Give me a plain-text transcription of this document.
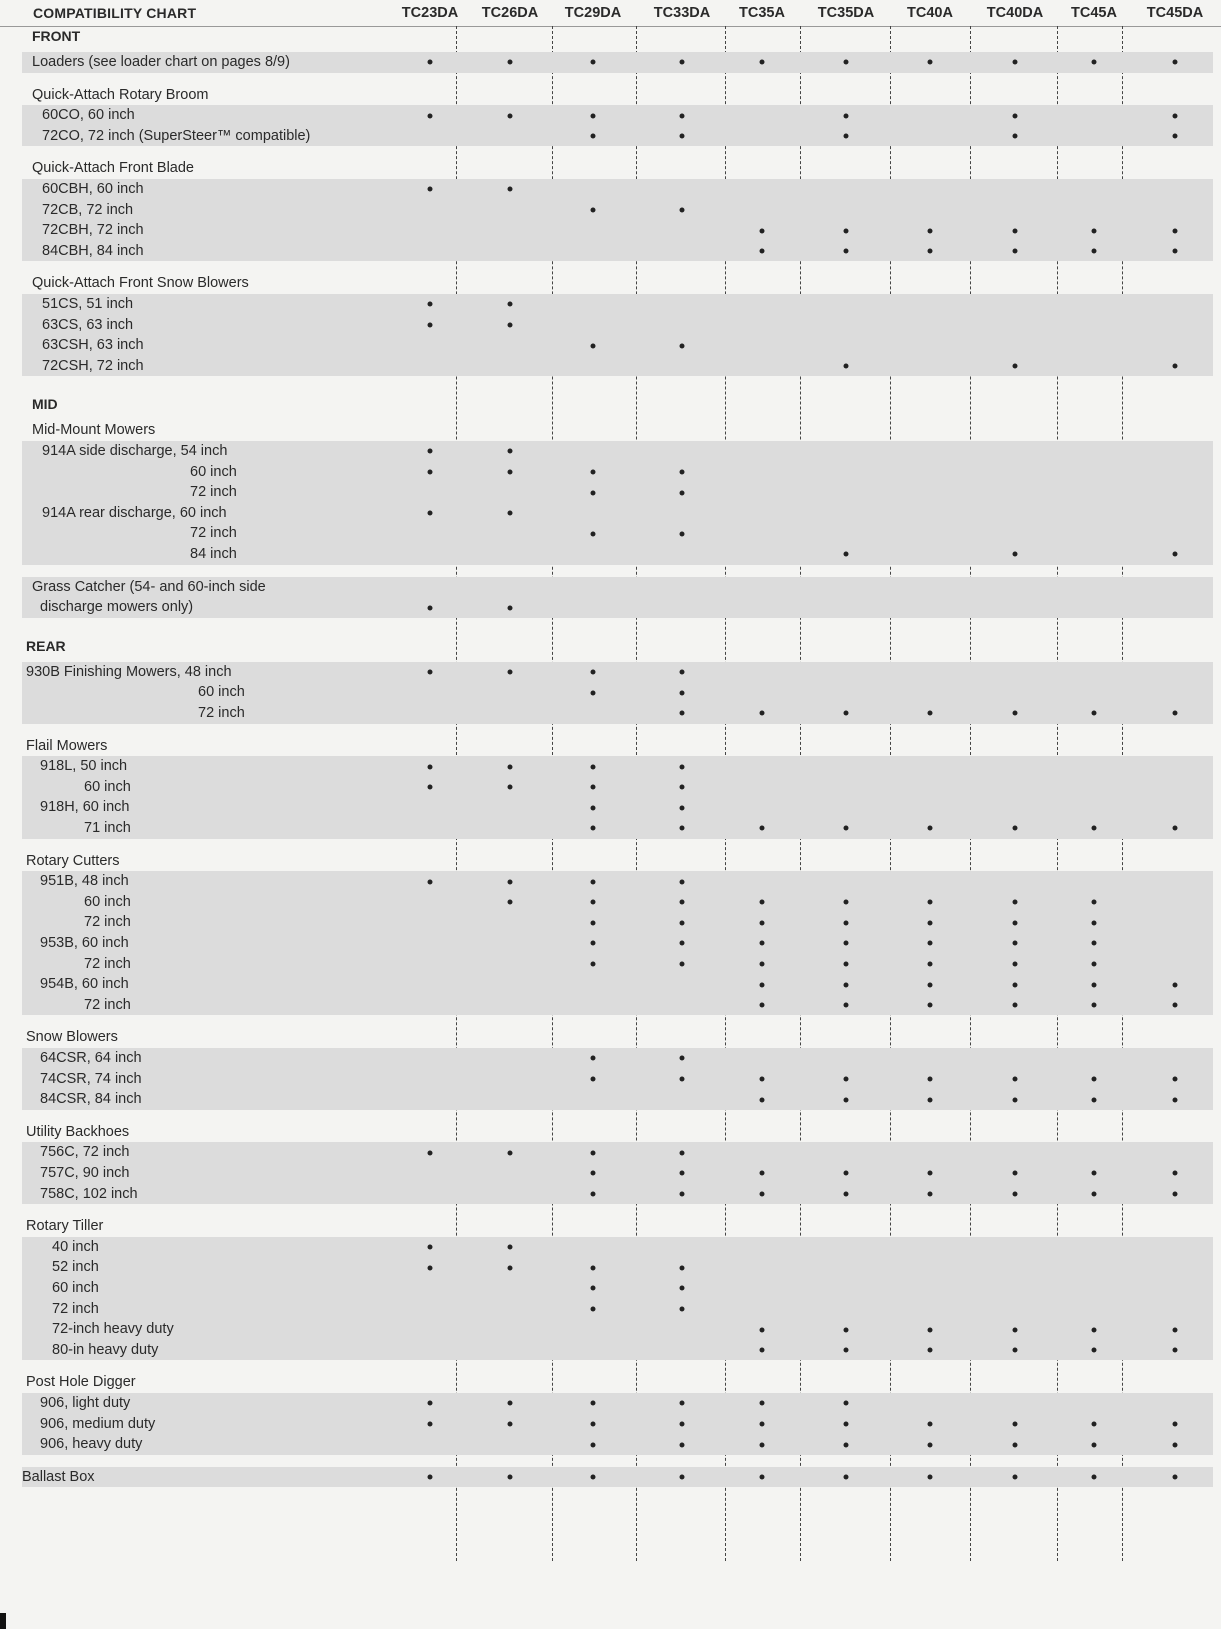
COMPATIBILITY CHART	TC23DA TC26DA TC29DA TC33DA TC35A TC35DA TC40A TC40DA TC45A TC45DA
FRONT
Loaders (see loader chart on pages 8/9)
Quick-Attach Rotary Broom
60CO, 60 inch
72CO, 72 inch (SuperSteer™ compatible)
Quick-Attach Front Blade
60CBH, 60 inch
72CB, 72 inch
72CBH, 72 inch
84CBH, 84 inch
Quick-Attach Front Snow Blowers
51CS, 51 inch
63CS, 63 inch
63CSH, 63 inch
72CSH, 72 inch
MID
Mid-Mount Mowers
914A side discharge, 54 inch
60 inch
72 inch
914A rear discharge, 60 inch
72 inch
84 inch
Grass Catcher (54- and 60-inch side
discharge mowers only)
REAR
930B Finishing Mowers, 48 inch
60 inch
72 inch
Flail Mowers
918L, 50 inch
60 inch
918H, 60 inch
71 inch
Rotary Cutters
951B, 48 inch
60 inch
72 inch
953B, 60 inch
72 inch
954B, 60 inch
72 inch
Snow Blowers
64CSR, 64 inch
74CSR, 74 inch
84CSR, 84 inch
Utility Backhoes
756C, 72 inch
757C, 90 inch
758C, 102 inch
Rotary Tiller
40 inch
52 inch
60 inch
72 inch
72-inch heavy duty
80-in heavy duty
Post Hole Digger
906, light duty
906, medium duty
906, heavy duty
Ballast Box
